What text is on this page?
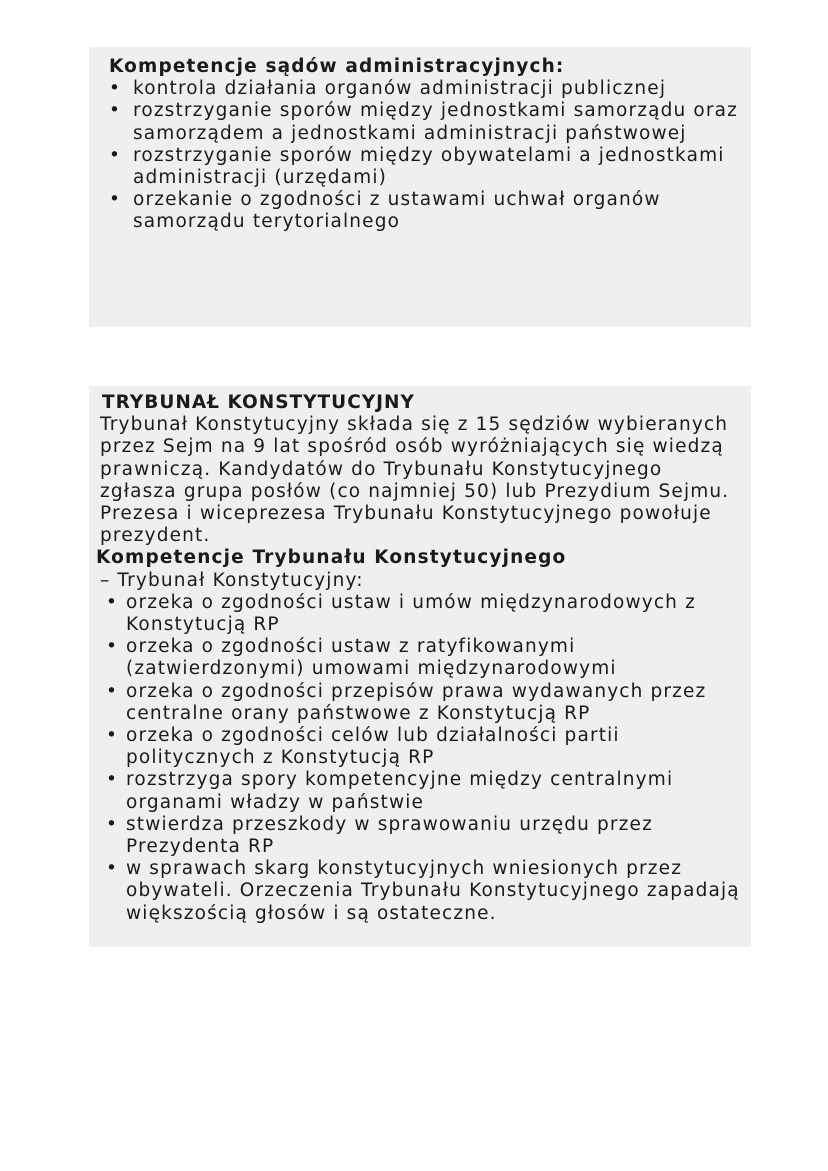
Kompetencje sądów administracyjnych:
• kontrola działania organów administracji publicznej
• rozstrzyganie sporów między jednostkami samorządu oraz samorządem a jednostkami administracji państwowej
• rozstrzyganie sporów między obywatelami a jednostkami administracji (urzędami)
• orzekanie o zgodności z ustawami uchwał organów samorządu terytorialnego
TRYBUNAŁ KONSTYTUCYJNY
Trybunał Konstytucyjny składa się z 15 sędziów wybieranych przez Sejm na 9 lat spośród osób wyróżniających się wiedzą prawniczą. Kandydatów do Trybunału Konstytucyjnego zgłasza grupa posłów (co najmniej 50) lub Prezydium Sejmu. Prezesa i wiceprezesa Trybunału Konstytucyjnego powołuje prezydent.
Kompetencje Trybunału Konstytucyjnego
– Trybunał Konstytucyjny:
• orzeka o zgodności ustaw i umów międzynarodowych z Konstytucją RP
• orzeka o zgodności ustaw z ratyfikowanymi (zatwierdzonymi) umowami międzynarodowymi
• orzeka o zgodności przepisów prawa wydawanych przez centralne orany państwowe z Konstytucją RP
• orzeka o zgodności celów lub działalności partii politycznych z Konstytucją RP
• rozstrzyga spory kompetencyjne między centralnymi organami władzy w państwie
• stwierdza przeszkody w sprawowaniu urzędu przez Prezydenta RP
• w sprawach skarg konstytucyjnych wniesionych przez obywateli. Orzeczenia Trybunału Konstytucyjnego zapadają większością głosów i są ostateczne.
